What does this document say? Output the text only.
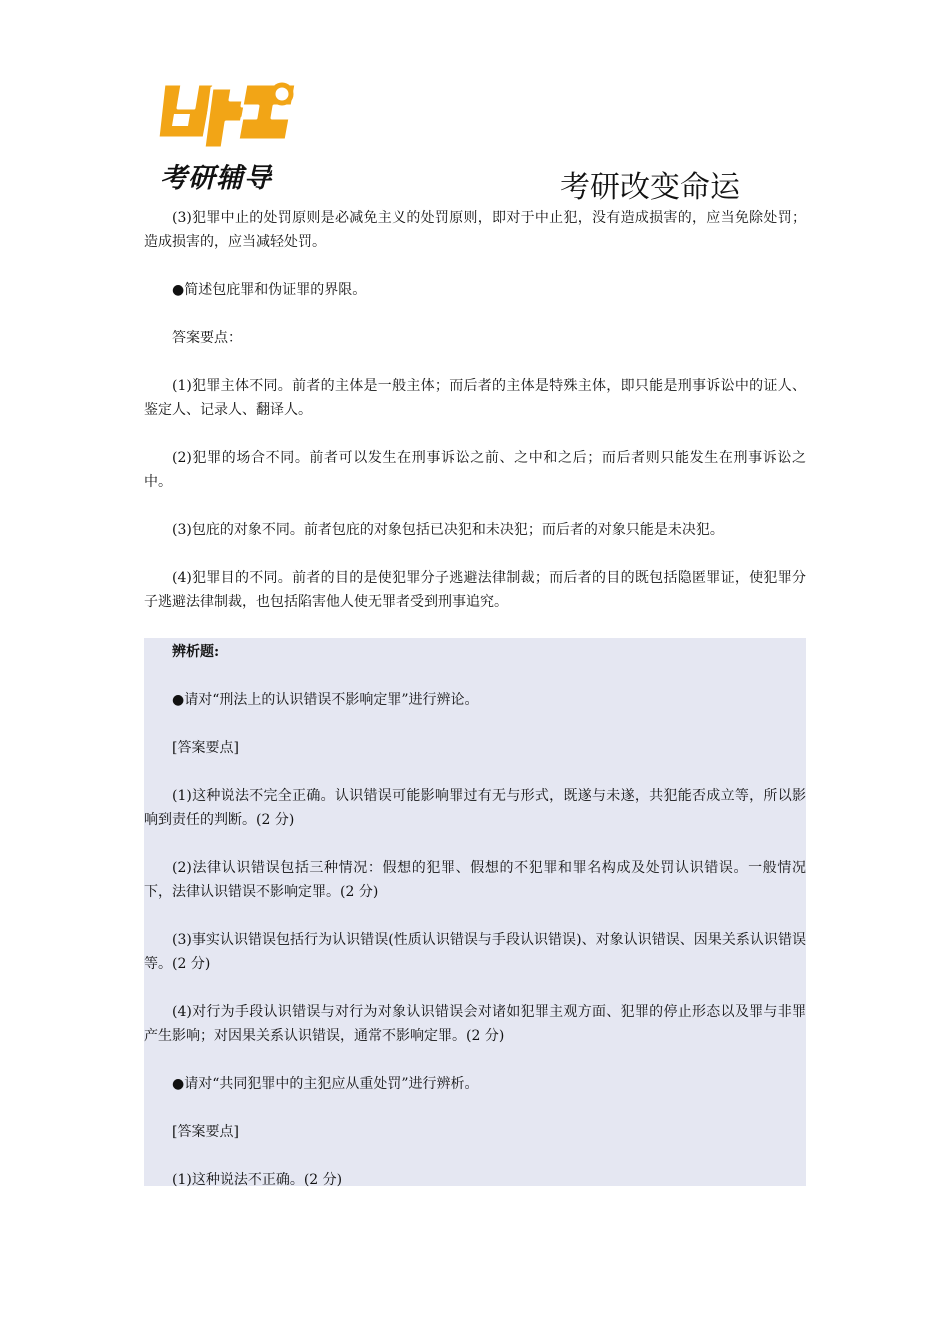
考研辅导	考研改变命运

(3)犯罪中止的处罚原则是必减免主义的处罚原则，即对于中止犯，没有造成损害的，应当免除处罚；造成损害的，应当减轻处罚。

●简述包庇罪和伪证罪的界限。

答案要点：

(1)犯罪主体不同。前者的主体是一般主体；而后者的主体是特殊主体，即只能是刑事诉讼中的证人、鉴定人、记录人、翻译人。

(2)犯罪的场合不同。前者可以发生在刑事诉讼之前、之中和之后；而后者则只能发生在刑事诉讼之中。

(3)包庇的对象不同。前者包庇的对象包括已决犯和未决犯；而后者的对象只能是未决犯。

(4)犯罪目的不同。前者的目的是使犯罪分子逃避法律制裁；而后者的目的既包括隐匿罪证，使犯罪分子逃避法律制裁，也包括陷害他人使无罪者受到刑事追究。

辨析题:

●请对“刑法上的认识错误不影响定罪”进行辨论。

[答案要点]

(1)这种说法不完全正确。认识错误可能影响罪过有无与形式，既遂与未遂，共犯能否成立等，所以影响到责任的判断。(2 分)

(2)法律认识错误包括三种情况：假想的犯罪、假想的不犯罪和罪名构成及处罚认识错误。一般情况下，法律认识错误不影响定罪。(2 分)

(3)事实认识错误包括行为认识错误(性质认识错误与手段认识错误)、对象认识错误、因果关系认识错误等。(2 分)

(4)对行为手段认识错误与对行为对象认识错误会对诸如犯罪主观方面、犯罪的停止形态以及罪与非罪产生影响；对因果关系认识错误，通常不影响定罪。(2 分)

●请对“共同犯罪中的主犯应从重处罚”进行辨析。

[答案要点]

(1)这种说法不正确。(2 分)
